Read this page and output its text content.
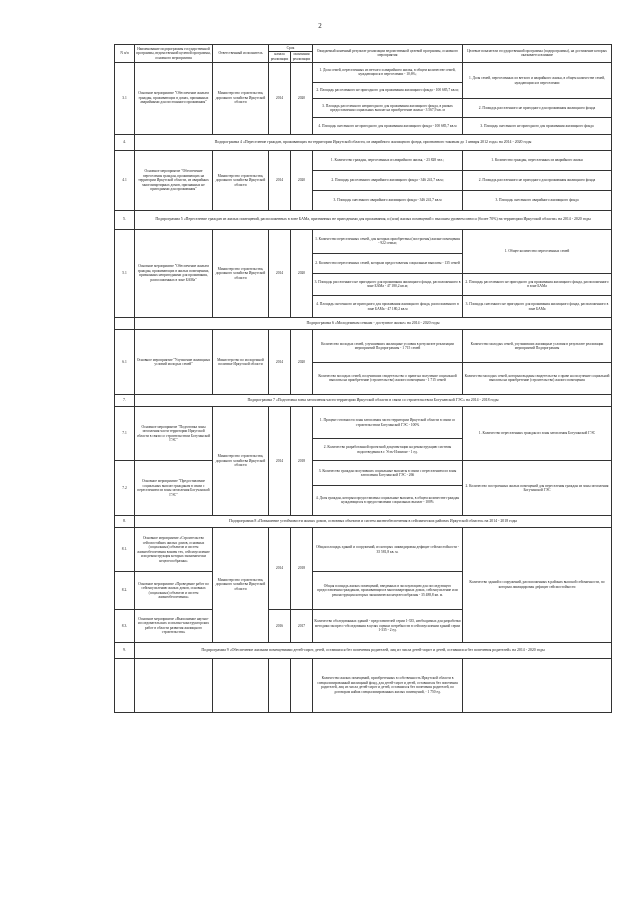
2
N п/п	Наименование подпрограммы государственной программы, ведомственной целевой программы, основного мероприятия	Ответственный исполнитель	Срок		Ожидаемый конечный результат реализации ведомственной целевой программы, основного мероприятия	Целевые показатели государственной программы (подпрограммы), на достижение которых оказывается влияние
			начала реализации	окончания реализации		
3.1	Основное мероприятие "Обеспечение жильем граждан, проживающих в домах, признанных аварийными для постоянного проживания"	Министерство строительства, дорожного хозяйства Иркутской области	2014	2020	1. Доля семей, переселенных из ветхого и аварийного жилья, в общем количестве семей, нуждающихся в переселении - 10,6%;	1. Доля семей, переселенных из ветхого и аварийного жилья, в общем количестве семей, нуждающихся в переселении
					2. Площадь расселенного не пригодного для проживания жилищного фонда - 100 685,7 кв.м;	
					3. Площадь расселенного непригодного для проживания жилищного фонда, в рамках предоставления социальных выплат на приобретение жилья - 3 567,9 кв. м	2. Площадь расселенного не пригодного для проживания жилищного фонда
					4. Площадь снесенного не пригодного для проживания жилищного фонда - 100 685,7 кв.м	3. Площадь снесенного не пригодного для проживания жилищного фонда
4.	Подпрограмма 4 «Переселение граждан, проживающих на территории Иркутской области, из аварийного жилищного фонда, признанного таковым до 1 января 2012 года» на 2014 - 2020 годы					
4.1	Основное мероприятие "Обеспечение переселения граждан, проживающих на территории Иркутской области, из аварийных многоквартирных домов, признанных не пригодными для проживания"	Министерство строительства, дорожного хозяйства Иркутской области	2014	2020	1. Количество граждан, переселенных из аварийного жилья, - 23 828 чел.;	1. Количество граждан, переселенных из аварийного жилья
					2. Площадь расселенного аварийного жилищного фонда - 346 241,7 кв.м;	2. Площадь расселенного не пригодного для проживания жилищного фонда
					3. Площадь снесенного аварийного жилищного фонда - 346 241,7 кв.м	3. Площадь снесенного аварийного жилищного фонда
5.	Подпрограмма 5 «Переселение граждан из жилых помещений, расположенных в зоне БАМа, признанных не пригодными для проживания, и (или) жилых помещений с высоким уровнем износа (более 70%) на территории Иркутской области» на 2014 - 2020 годы					
5.1	Основное мероприятие "Обеспечение жильем граждан, проживающих в жилых помещениях, признанных непригодными для проживания, расположенных в зоне БАМа"	Министерство строительства, дорожного хозяйства Иркутской области	2014	2020	1. Количество переселенных семей, для которых приобретены (построены) жилые помещения - 922 семьи;	1. Общее количество переселенных семей
					2. Количество переселенных семей, которым предоставлены социальные выплаты - 135 семей	
					3. Площадь расселенного не пригодного для проживания жилищного фонда, расположенного в зоне БАМа - 47 180,2 кв.м;	2. Площадь расселенного не пригодного для проживания жилищного фонда, расположенного в зоне БАМа
					4. Площадь снесенного не пригодного для проживания жилищного фонда, расположенного в зоне БАМа - 47 180,2 кв.м	3. Площадь снесенного не пригодного для проживания жилищного фонда, расположенного в зоне БАМа
	Подпрограмма 6 «Молодежным семьям - доступное жилье» на 2014 - 2020 годы					
6.1	Основное мероприятие "Улучшение жилищных условий молодых семей"	Министерство по молодежной политике Иркутской области	2014	2020	Количество молодых семей, улучшивших жилищные условия в результате реализации мероприятий Подпрограммы - 1 715 семей	Количество молодых семей, улучшивших жилищные условия в результате реализации мероприятий Подпрограммы
					Количество молодых семей, получивших свидетельство о праве на получение социальной выплаты на приобретение (строительство) жилого помещения - 1 715 семей	Количество молодых семей, которым выданы свидетельства о праве на получение социальной выплаты на приобретение (строительство) жилого помещения
7.	Подпрограмма 7 «Подготовка зоны затопления части территории Иркутской области в связи со строительством Богучанской ГЭС» на 2014 - 2018 годы					
7.1	Основное мероприятие "Подготовка зоны затопления части территории Иркутской области в связи со строительством Богучанской ГЭС"	Министерство строительства, дорожного хозяйства Иркутской области	2014	2018	1. Процент готовности зоны затопления части территории Иркутской области в связи со строительством Богучанской ГЭС - 100%	1. Количество переселенных граждан из зоны затопления Богучанской ГЭС
					2. Количество разработанной проектной документации на реконструкцию системы водоотведения в г. Усть-Илимске - 1 ед.	
7.2	Основное мероприятие "Предоставление социальных выплат гражданам в связи с переселением из зоны затопления Богучанской ГЭС"				3. Количество граждан получивших социальные выплаты в связи с переселением из зоны затопления Богучанской ГЭС - 266	2. Количество построенных жилых помещений для переселения граждан из зоны затопления Богучанской ГЭС
					4. Доля граждан, которым предоставлены социальные выплаты, в общем количестве граждан нуждающихся в предоставлении социальных выплат - 100%	
8.	Подпрограмма 8 «Повышение устойчивости жилых домов, основных объектов и систем жизнеобеспечения в сейсмических районах Иркутской области» на 2014 - 2018 годы					
8.1.	Основное мероприятие «Строительство сейсмостойких жилых домов, основных (социальных) объектов и систем жизнеобеспечения взамен тех, сейсмоусиление или реконструкция которых экономически нецелесообразны»	Министерство строительства, дорожного хозяйства Иркутской области	2014	2018	Общая площадь зданий и сооружений, из которых ликвидирован дефицит сейсмостойкости - 35 581,8 кв. м.	Количество зданий и сооружений, расположенных в районах высокой сейсмичности, по которым ликвидирован дефицит сейсмостойкости
8.2.	Основное мероприятие «Проведение работ по сейсмоусилению жилых домов, основных (социальных) объектов и систем жизнеобеспечения»				Общая площадь жилых помещений, введенных в эксплуатацию для последующего предоставления гражданам, проживающим в многоквартирных домах, сейсмоусиление или реконструкция которых экономически нецелесообразны - 35 488,8 кв. м.	
8.3.	Основное мероприятие «Выполнение научно-исследовательских и опытно-конструкторских работ в области развития жилищного строительства»		2016	2017	Количество обследованных зданий - представителей серии 1-335, необходимых для разработки методики экспресс-обследования в целях оценки потребности в сейсмоусилении зданий серии 1-335 - 2 ед.	
9.	Подпрограмма 9 «Обеспечение жилыми помещениями детей-сирот, детей, оставшихся без попечения родителей, лиц из числа детей-сирот и детей, оставшихся без попечения родителей» на 2014 - 2020 годы					
					Количество жилых помещений, приобретенных в собственность Иркутской области в специализированный жилищный фонд, для детей-сирот и детей, оставшихся без попечения родителей, лиц из числа детей-сирот и детей, оставшихся без попечения родителей, по договорам найма специализированных жилых помещений, - 1 750 ед.	
